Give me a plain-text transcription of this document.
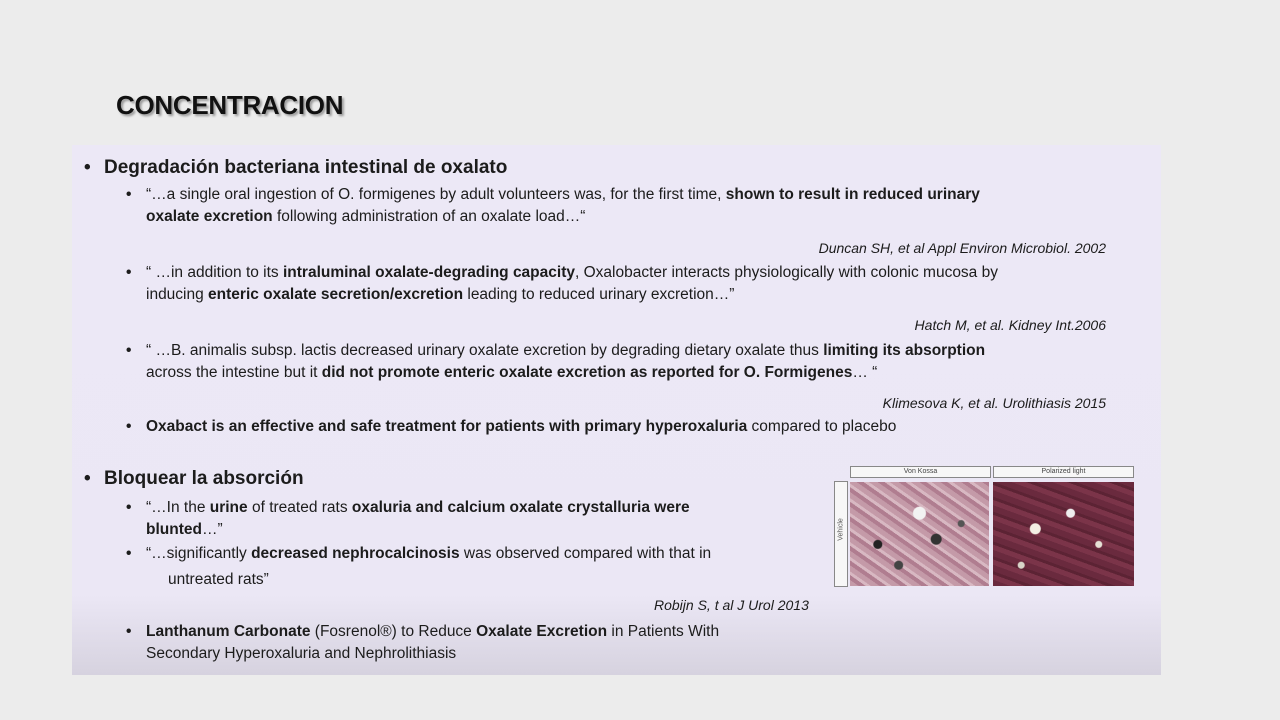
CONCENTRACION
• Degradación bacteriana intestinal de oxalato
• “…a single oral ingestion of O. formigenes by adult volunteers was, for the first time, shown to result in reduced urinary
oxalate excretion following administration of an oxalate load…“
Duncan SH, et al Appl Environ Microbiol. 2002
• “ …in addition to its intraluminal oxalate-degrading capacity, Oxalobacter interacts physiologically with colonic mucosa by
inducing enteric oxalate secretion/excretion leading to reduced urinary excretion…”
Hatch M, et al. Kidney Int.2006
• “ …B. animalis subsp. lactis decreased urinary oxalate excretion by degrading dietary oxalate thus limiting its absorption
across the intestine but it did not promote enteric oxalate excretion as reported for O. Formigenes… “
Klimesova K, et al. Urolithiasis 2015
• Oxabact is an effective and safe treatment for patients with primary hyperoxaluria compared to placebo
• Bloquear la absorción
• “…In the urine of treated rats oxaluria and calcium oxalate crystalluria were
blunted…”
• “…significantly decreased nephrocalcinosis was observed compared with that in
untreated rats”
Robijn S, t al J Urol 2013
• Lanthanum Carbonate (Fosrenol®) to Reduce Oxalate Excretion in Patients With
Secondary Hyperoxaluria and Nephrolithiasis
Von Kossa	Polarized light
Vehicle
